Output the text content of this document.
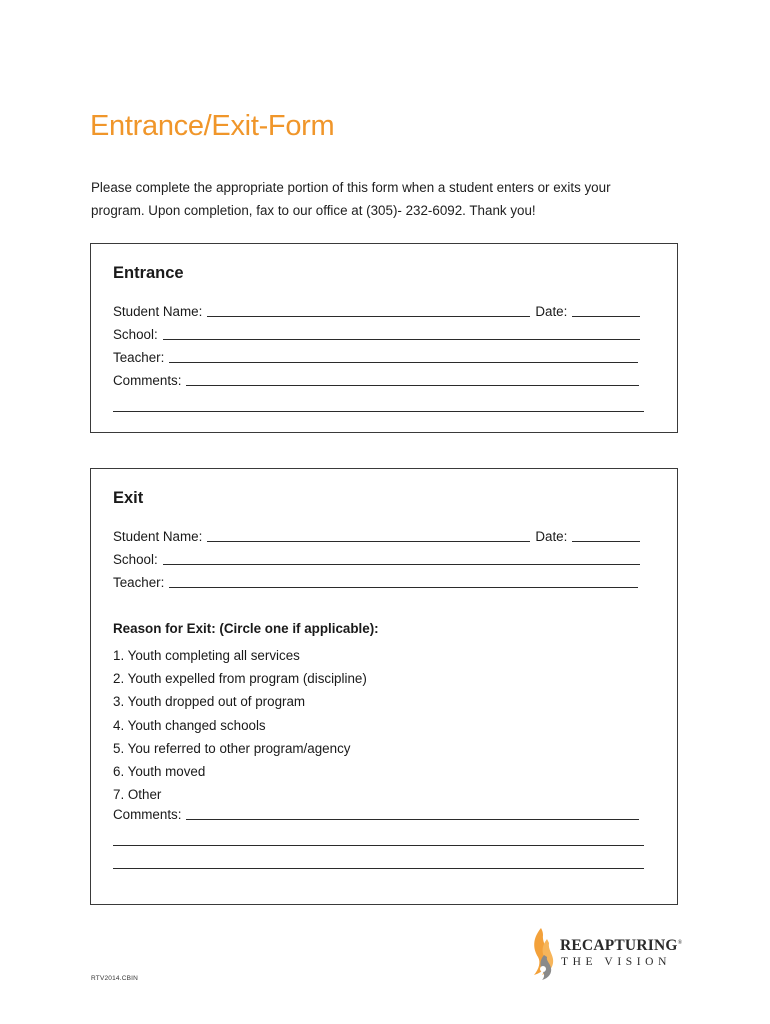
Entrance/Exit-Form
Please complete the appropriate portion of this form when a student enters or exits your
program. Upon completion, fax to our office at (305)- 232-6092. Thank you!
Entrance
Student Name:	Date:
School:
Teacher:
Comments:
Exit
Student Name:	Date:
School:
Teacher:
Reason for Exit: (Circle one if applicable):
1. Youth completing all services
2. Youth expelled from program (discipline)
3. Youth dropped out of program
4. Youth changed schools
5. You referred to other program/agency
6. Youth moved
7. Other
Comments:
RTV2014.CBIN
RECAPTURING®
THE VISION
